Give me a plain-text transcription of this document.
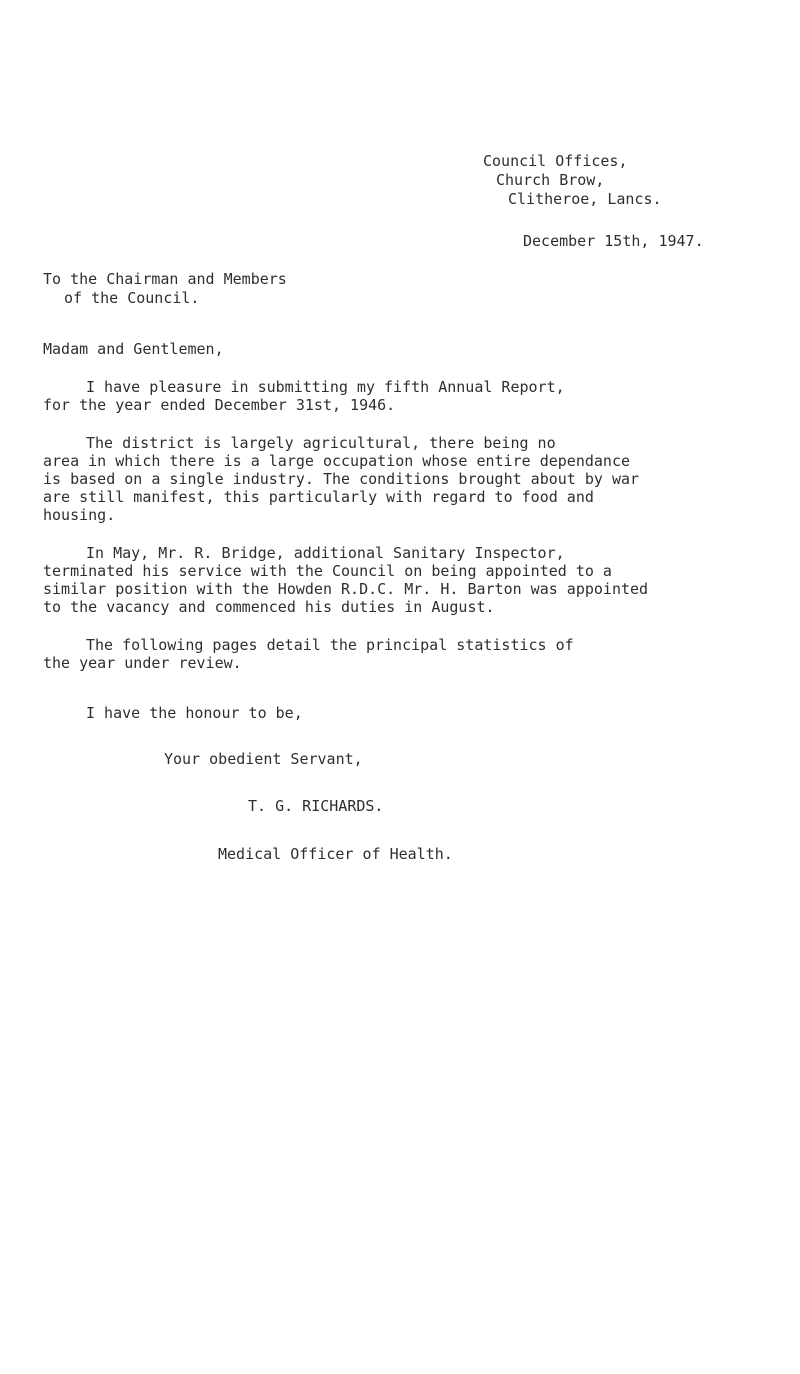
Council Offices,
Church Brow,
Clitheroe, Lancs.
December 15th, 1947.
To the Chairman and Members
of the Council.
Madam and Gentlemen,
I have pleasure in submitting my fifth Annual Report,
for the year ended December 31st, 1946.
The district is largely agricultural, there being no
area in which there is a large occupation whose entire dependance
is based on a single industry. The conditions brought about by war
are still manifest, this particularly with regard to food and
housing.
In May, Mr. R. Bridge, additional Sanitary Inspector,
terminated his service with the Council on being appointed to a
similar position with the Howden R.D.C. Mr. H. Barton was appointed
to the vacancy and commenced his duties in August.
The following pages detail the principal statistics of
the year under review.
I have the honour to be,
Your obedient Servant,
T. G. RICHARDS.
Medical Officer of Health.
